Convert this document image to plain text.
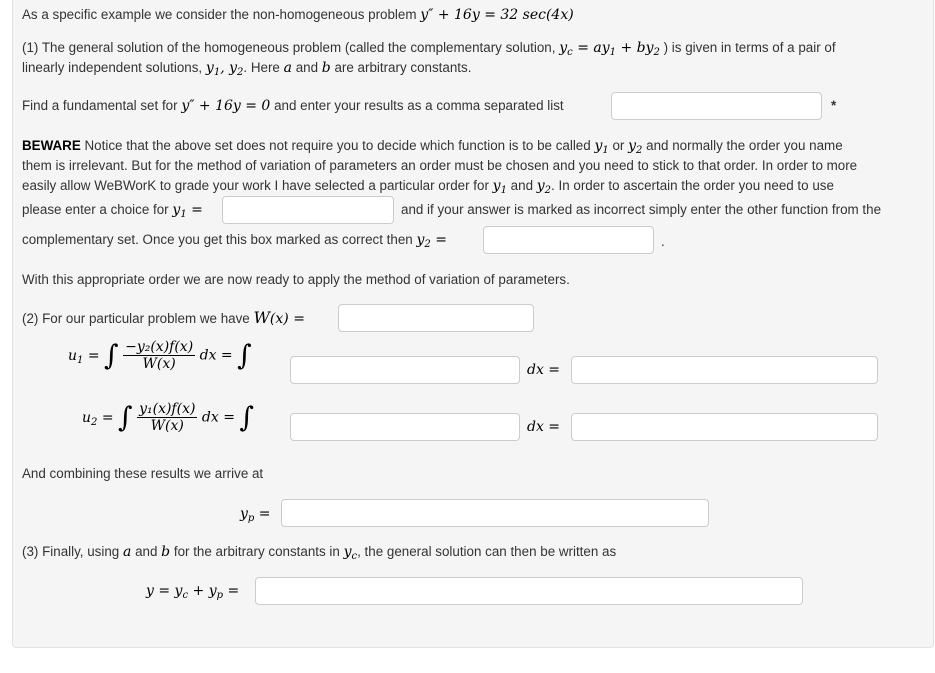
As a specific example we consider the non-homogeneous problem y″ + 16y = 32 sec(4x)
(1) The general solution of the homogeneous problem (called the complementary solution, $y_c = ay_1 + by_2$ ) is given in terms of a pair of
linearly independent solutions, $y_1$, $y_2$. Here a and b are arbitrary constants.
Find a fundamental set for y″ + 16y = 0 and enter your results as a comma separated list	*
BEWARE Notice that the above set does not require you to decide which function is to be called $y_1$ or $y_2$ and normally the order you name
them is irrelevant. But for the method of variation of parameters an order must be chosen and you need to stick to that order. In order to more
easily allow WeBWorK to grade your work I have selected a particular order for $y_1$ and $y_2$. In order to ascertain the order you need to use
please enter a choice for $y_1$ =	and if your answer is marked as incorrect simply enter the other function from the
complementary set. Once you get this box marked as correct then $y_2$ =	.
With this appropriate order we are now ready to apply the method of variation of parameters.
(2) For our particular problem we have W(x) =
$u_1$ = ∫ $\frac{\text{−y₂(x)f(x)}}{W(x)}$ dx = ∫	dx =
$u_2$ = ∫ $\frac{\text{y₁(x)f(x)}}{W(x)}$ dx = ∫	dx =
And combining these results we arrive at
$y_p$ =
(3) Finally, using a and b for the arbitrary constants in $y_c$, the general solution can then be written as
$y = y_c + y_p$ =
